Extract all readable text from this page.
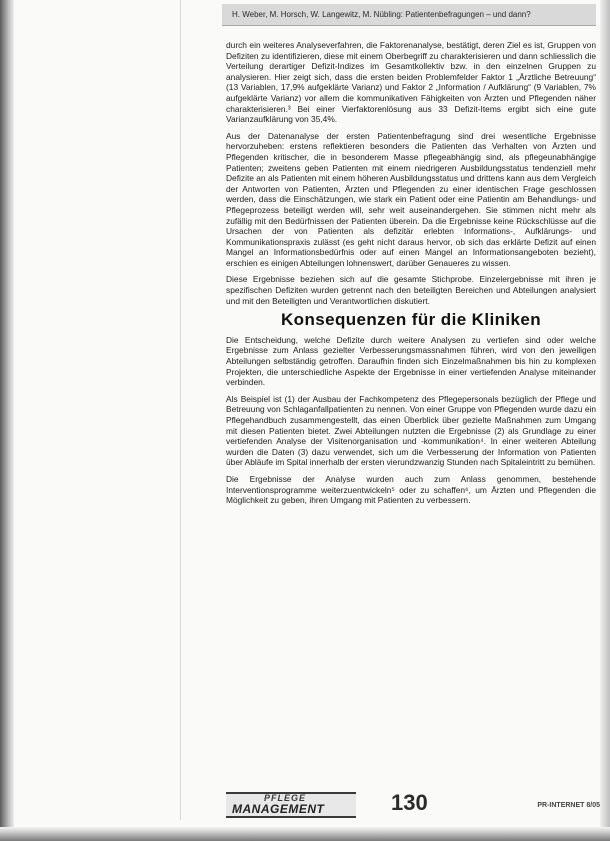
H. Weber, M. Horsch, W. Langewitz, M. Nübling: Patientenbefragungen – und dann?

durch ein weiteres Analyseverfahren, die Faktorenanalyse, bestätigt, deren Ziel es ist, Gruppen von Defiziten zu identifizieren, diese mit einem Oberbegriff zu charakterisieren und dann schliesslich die Verteilung derartiger Defizit-Indizes im Gesamtkollektiv bzw. in den einzelnen Gruppen zu analysieren. Hier zeigt sich, dass die ersten beiden Problemfelder Faktor 1 „Ärztliche Betreuung“ (13 Variablen, 17,9% aufgeklärte Varianz) und Faktor 2 „Information / Aufklärung“ (9 Variablen, 7% aufgeklärte Varianz) vor allem die kommunikativen Fähigkeiten von Ärzten und Pflegenden näher charakterisieren.³ Bei einer Vierfaktorenlösung aus 33 Defizit-Items ergibt sich eine gute Varianzaufklärung von 35,4%.

Aus der Datenanalyse der ersten Patientenbefragung sind drei wesentliche Ergebnisse hervorzuheben: erstens reflektieren besonders die Patienten das Verhalten von Ärzten und Pflegenden kritischer, die in besonderem Masse pflegeabhängig sind, als pflegeunabhängige Patienten; zweitens geben Patienten mit einem niedrigeren Ausbildungsstatus tendenziell mehr Defizite an als Patienten mit einem höheren Ausbildungsstatus und drittens kann aus dem Vergleich der Antworten von Patienten, Ärzten und Pflegenden zu einer identischen Frage geschlossen werden, dass die Einschätzungen, wie stark ein Patient oder eine Patientin am Behandlungs- und Pflegeprozess beteiligt werden will, sehr weit auseinandergehen. Sie stimmen nicht mehr als zufällig mit den Bedürfnissen der Patienten überein. Da die Ergebnisse keine Rückschlüsse auf die Ursachen der von Patienten als defizitär erlebten Informations-, Aufklärungs- und Kommunikationspraxis zulässt (es geht nicht daraus hervor, ob sich das erklärte Defizit auf einen Mangel an Informationsbedürfnis oder auf einen Mangel an Informationsangeboten bezieht), erschien es einigen Abteilungen lohnenswert, darüber Genaueres zu wissen.

Diese Ergebnisse beziehen sich auf die gesamte Stichprobe. Einzelergebnisse mit ihren je spezifischen Defiziten wurden getrennt nach den beteiligten Bereichen und Abteilungen analysiert und mit den Beteiligten und Verantwortlichen diskutiert.

Konsequenzen für die Kliniken

Die Entscheidung, welche Defizite durch weitere Analysen zu vertiefen sind oder welche Ergebnisse zum Anlass gezielter Verbesserungsmassnahmen führen, wird von den jeweiligen Abteilungen selbständig getroffen. Daraufhin finden sich Einzelmaßnahmen bis hin zu komplexen Projekten, die unterschiedliche Aspekte der Ergebnisse in einer vertiefenden Analyse miteinander verbinden.

Als Beispiel ist (1) der Ausbau der Fachkompetenz des Pflegepersonals bezüglich der Pflege und Betreuung von Schlaganfallpatienten zu nennen. Von einer Gruppe von Pflegenden wurde dazu ein Pflegehandbuch zusammengestellt, das einen Überblick über gezielte Maßnahmen zum Umgang mit diesen Patienten bietet. Zwei Abteilungen nutzten die Ergebnisse (2) als Grundlage zu einer vertiefenden Analyse der Visitenorganisation und -kommunikation⁴. In einer weiteren Abteilung wurden die Daten (3) dazu verwendet, sich um die Verbesserung der Information von Patienten über Abläufe im Spital innerhalb der ersten vierundzwanzig Stunden nach Spitaleintritt zu bemühen.

Die Ergebnisse der Analyse wurden auch zum Anlass genommen, bestehende Interventionsprogramme weiterzuentwickeln⁵ oder zu schaffen⁶, um Ärzten und Pflegenden die Möglichkeit zu geben, ihren Umgang mit Patienten zu verbessern.

PFLEGE
MANAGEMENT	130	PR-INTERNET 8/05
